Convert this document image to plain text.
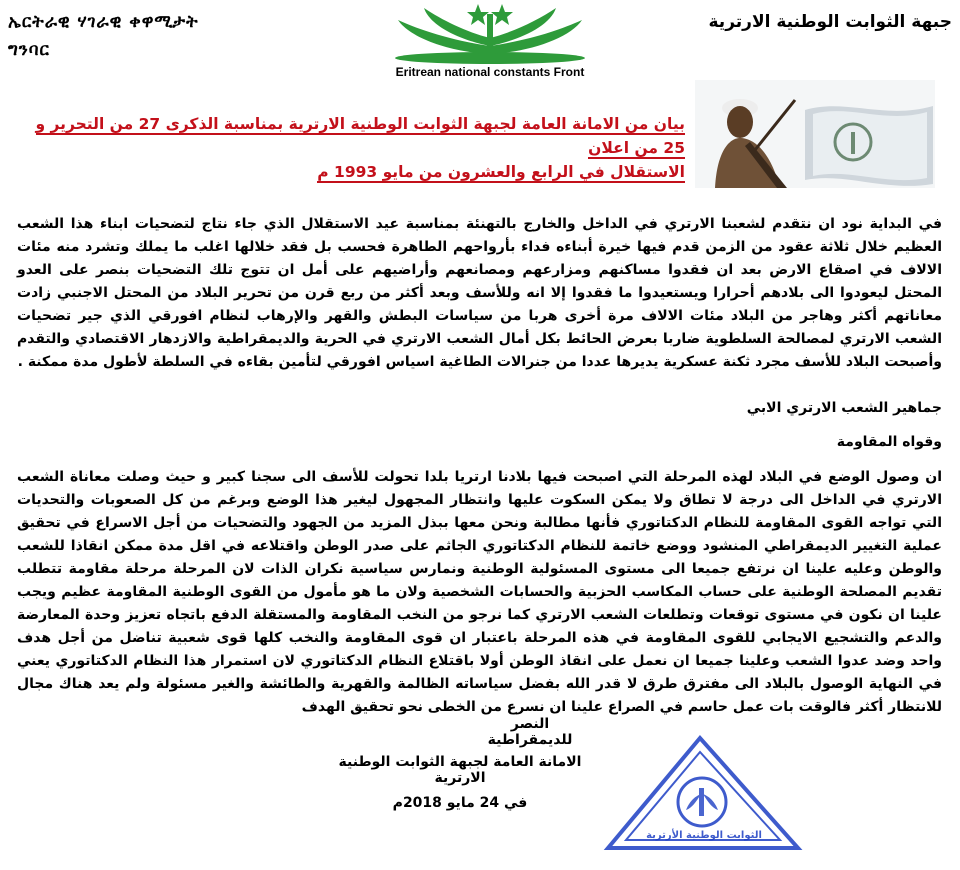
ኤርትራዊ ሃገራዊ ቀዋሚታት
ግንባር
Eritrean national constants Front
جبهة الثوابت الوطنية الارترية
بيان من الامانة العامة لجبهة الثوابت الوطنية الارترية بمناسبة الذكرى 27 من التحرير و 25 من اعلان
الاستقلال في الرابع والعشرون من مايو 1993 م
في البداية نود ان نتقدم لشعبنا الارتري في الداخل والخارج بالتهنئة بمناسبة عيد الاستقلال الذي جاء نتاج لتضحيات ابناء هذا الشعب العظيم خلال ثلاثة عقود من الزمن قدم فيها خيرة أبناءه فداء بأرواحهم الطاهرة فحسب بل فقد خلالها اغلب ما يملك وتشرد منه مئات الالاف في اصقاع الارض بعد ان فقدوا مساكنهم ومزارعهم ومصانعهم وأراضيهم على أمل ان تتوج تلك التضحيات بنصر على العدو المحتل ليعودوا الى بلادهم أحرارا ويستعيدوا ما فقدوا إلا انه وللأسف وبعد أكثر من ربع قرن من تحرير البلاد من المحتل الاجنبي زادت معاناتهم أكثر وهاجر من البلاد مئات الالاف مرة أخرى هربا من سياسات البطش والقهر والإرهاب لنظام افورقي الذي جير تضحيات الشعب الارتري لمصالحة السلطوية ضاربا بعرض الحائط بكل أمال الشعب الارتري في الحرية والديمقراطية والازدهار الاقتصادي والتقدم وأصبحت البلاد للأسف مجرد ثكنة عسكرية يديرها عددا من جنرالات الطاغية اسياس افورقي لتأمين بقاءه في السلطة لأطول مدة ممكنة .
جماهير الشعب الارتري الابي
وقواه المقاومة
ان وصول الوضع في البلاد لهذه المرحلة التي اصبحت فيها بلادنا ارتريا بلدا تحولت للأسف الى سجنا كبير و حيث وصلت معاناة الشعب الارتري في الداخل الى درجة لا تطاق ولا يمكن السكوت عليها وانتظار المجهول ليغير هذا الوضع وبرغم من كل الصعوبات والتحديات التي تواجه القوى المقاومة للنظام الدكتاتوري فأنها مطالبة ونحن معها ببذل المزيد من الجهود والتضحيات من أجل الاسراع في تحقيق عملية التغيير الديمقراطي المنشود ووضع خاتمة للنظام الدكتاتوري الجاثم على صدر الوطن واقتلاعه في اقل مدة ممكن انقاذا للشعب والوطن وعليه علينا ان نرتفع جميعا الى مستوى المسئولية الوطنية ونمارس سياسية نكران الذات لان المرحلة مرحلة مقاومة تتطلب تقديم المصلحة الوطنية على حساب المكاسب الحزبية والحسابات الشخصية ولان ما هو مأمول من القوى الوطنية المقاومة عظيم ويجب علينا ان نكون في مستوى توقعات وتطلعات الشعب الارتري كما نرجو من النخب المقاومة والمستقلة الدفع باتجاه تعزيز وحدة المعارضة والدعم والتشجيع الايجابي للقوى المقاومة في هذه المرحلة باعتبار ان قوى المقاومة والنخب كلها قوى شعبية تناضل من أجل هدف واحد وضد عدوا الشعب وعلينا جميعا ان نعمل على انقاذ الوطن أولا باقتلاع النظام الدكتاتوري لان استمرار هذا النظام الدكتاتوري يعني في النهاية الوصول بالبلاد الى مفترق طرق لا قدر الله بفضل سياساته الظالمة والقهرية والطائشة والغير مسئولة ولم يعد هناك مجال للانتظار أكثر فالوقت بات عمل حاسم في الصراع علينا ان نسرع من الخطى نحو تحقيق الهدف
النصر للديمقراطية
الامانة العامة لجبهة الثوابت الوطنية الارترية
في 24 مايو 2018م
الثوابت الوطنية الأرترية
